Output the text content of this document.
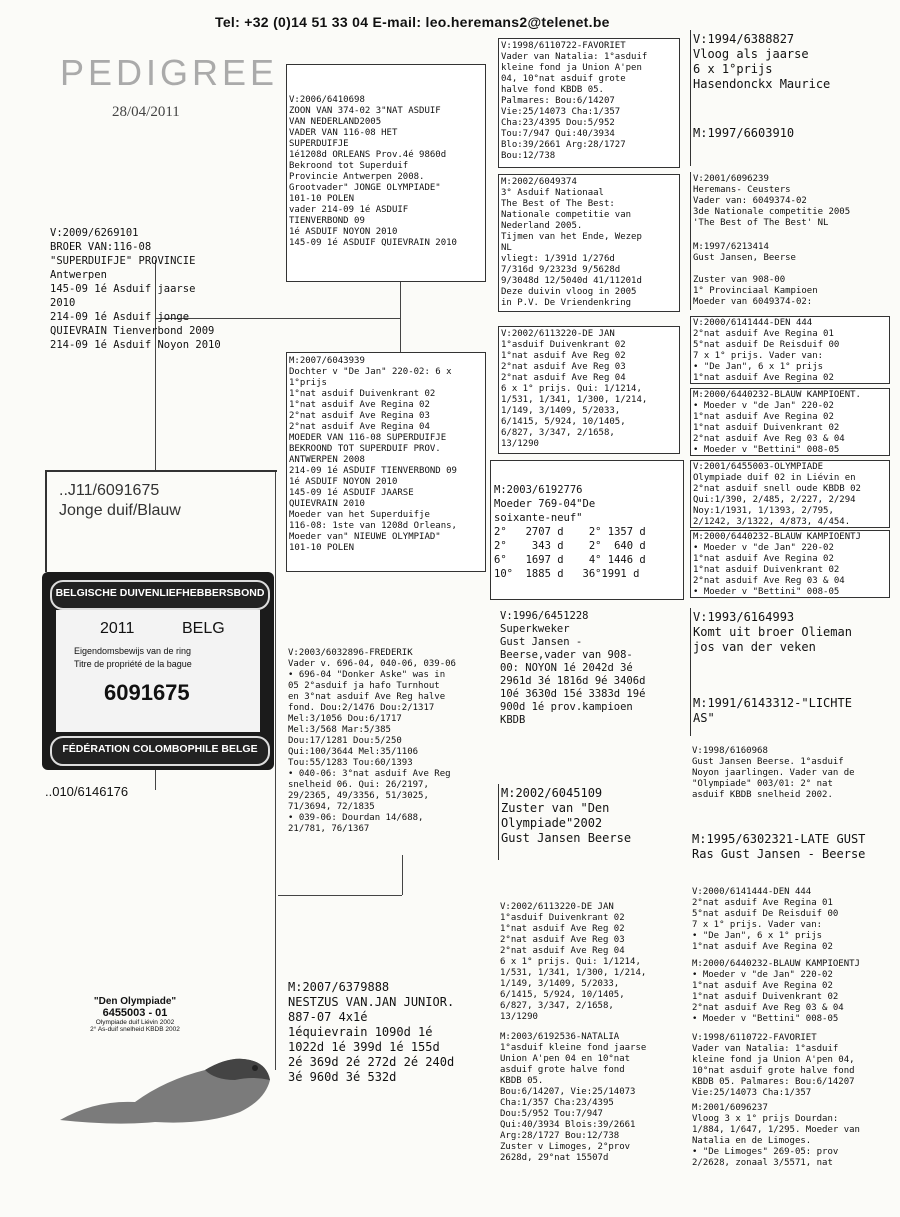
Tel: +32 (0)14 51 33 04 E-mail: leo.heremans2@telenet.be
PEDIGREE
28/04/2011
..J11/6091675
Jonge duif/Blauw
BELGISCHE DUIVENLIEFHEBBERSBOND
2011	BELG
Eigendomsbewijs van de ring
Titre de propriété de la bague
6091675
FÉDÉRATION COLOMBOPHILE BELGE
..010/6146176
"Den Olympiade"
6455003 - 01
Olympiade duif Liévin 2002
2° As-duif snelheid KBDB 2002
V:2009/6269101
BROER VAN:116-08
"SUPERDUIFJE" PROVINCIE
Antwerpen
145-09 1é Asduif jaarse
2010
214-09 1é Asduif jonge
QUIEVRAIN Tienverbond 2009
214-09 1é Asduif Noyon 2010
V:2006/6410698
ZOON VAN 374-02 3"NAT ASDUIF
VAN NEDERLAND2005
VADER VAN 116-08 HET
SUPERDUIFJE
1é1208d ORLEANS Prov.4é 9860d
Bekroond tot Superduif
Provincie Antwerpen 2008.
Grootvader" JONGE OLYMPIADE"
101-10 POLEN
vader 214-09 1é ASDUIF
TIENVERBOND 09
1é ASDUIF NOYON 2010
145-09 1é ASDUIF QUIEVRAIN 2010
M:2007/6043939
Dochter v "De Jan" 220-02: 6 x
1°prijs
1°nat asduif Duivenkrant 02
1°nat asduif Ave Regina 02
2°nat asduif Ave Regina 03
2°nat asduif Ave Regina 04
MOEDER VAN 116-08 SUPERDUIFJE
BEKROOND TOT SUPERDUIF PROV.
ANTWERPEN 2008
214-09 1é ASDUIF TIENVERBOND 09
1é ASDUIF NOYON 2010
145-09 1é ASDUIF JAARSE
QUIEVRAIN 2010
Moeder van het Superduifje
116-08: 1ste van 1208d Orleans,
Moeder van" NIEUWE OLYMPIAD"
101-10 POLEN
V:1998/6110722-FAVORIET
Vader van Natalia: 1°asduif
kleine fond ja Union A'pen
04, 10°nat asduif grote
halve fond KBDB 05.
Palmares: Bou:6/14207
Vie:25/14073 Cha:1/357
Cha:23/4395 Dou:5/952
Tou:7/947 Qui:40/3934
Blo:39/2661 Arg:28/1727
Bou:12/738
M:2002/6049374
3° Asduif Nationaal
The Best of The Best:
Nationale competitie van
Nederland 2005.
Tijmen van het Ende, Wezep
NL
vliegt: 1/391d 1/276d
7/316d 9/2323d 9/5628d
9/3048d 12/5040d 41/11201d
Deze duivin vloog in 2005
in P.V. De Vriendenkring
V:2002/6113220-DE JAN
1°asduif Duivenkrant 02
1°nat asduif Ave Reg 02
2°nat asduif Ave Reg 03
2°nat asduif Ave Reg 04
6 x 1° prijs. Qui: 1/1214,
1/531, 1/341, 1/300, 1/214,
1/149, 3/1409, 5/2033,
6/1415, 5/924, 10/1405,
6/827, 3/347, 2/1658,
13/1290
M:2003/6192776
Moeder 769-04"De
soixante-neuf"
2°   2707 d    2° 1357 d
2°    343 d    2°  640 d
6°   1697 d    4° 1446 d
10°  1885 d   36°1991 d
V:1994/6388827
Vloog als jaarse
6 x 1°prijs
Hasendonckx Maurice
M:1997/6603910
V:2001/6096239
Heremans- Ceusters
Vader van: 6049374-02
3de Nationale competitie 2005
'The Best of The Best' NL
M:1997/6213414
Gust Jansen, Beerse

Zuster van 908-00
1° Provinciaal Kampioen
Moeder van 6049374-02:
V:2000/6141444-DEN 444
2°nat asduif Ave Regina 01
5°nat asduif De Reisduif 00
7 x 1° prijs. Vader van:
• "De Jan", 6 x 1° prijs
1°nat asduif Ave Regina 02
M:2000/6440232-BLAUW KAMPIOENT.
• Moeder v "de Jan" 220-02
1°nat asduif Ave Regina 02
1°nat asduif Duivenkrant 02
2°nat asduif Ave Reg 03 & 04
• Moeder v "Bettini" 008-05
V:2001/6455003-OLYMPIADE
Olympiade duif 02 in Liévin en
2°nat asduif snell oude KBDB 02
Qui:1/390, 2/485, 2/227, 2/294
Noy:1/1931, 1/1393, 2/795,
2/1242, 3/1322, 4/873, 4/454.
M:2000/6440232-BLAUW KAMPIOENTJ
• Moeder v "de Jan" 220-02
1°nat asduif Ave Regina 02
1°nat asduif Duivenkrant 02
2°nat asduif Ave Reg 03 & 04
• Moeder v "Bettini" 008-05
V:2003/6032896-FREDERIK
Vader v. 696-04, 040-06, 039-06
• 696-04 "Donker Aske" was in
05 2°asduif ja hafo Turnhout
en 3°nat asduif Ave Reg halve
fond. Dou:2/1476 Dou:2/1317
Mel:3/1056 Dou:6/1717
Mel:3/568 Mar:5/385
Dou:17/1281 Dou:5/250
Qui:100/3644 Mel:35/1106
Tou:55/1283 Tou:60/1393
• 040-06: 3°nat asduif Ave Reg
snelheid 06. Qui: 26/2197,
29/2365, 49/3356, 51/3025,
71/3694, 72/1835
• 039-06: Dourdan 14/688,
21/781, 76/1367
M:2007/6379888
NESTZUS VAN.JAN JUNIOR.
887-07 4x1é
1équievrain 1090d 1é
1022d 1é 399d 1é 155d
2é 369d 2é 272d 2é 240d
3é 960d 3é 532d
V:1996/6451228
Superkweker
Gust Jansen -
Beerse,vader van 908-
00: NOYON 1é 2042d 3é
2961d 3é 1816d 9é 3406d
10é 3630d 15é 3383d 19é
900d 1é prov.kampioen
KBDB
M:2002/6045109
Zuster van "Den
Olympiade"2002
Gust Jansen Beerse
V:1993/6164993
Komt uit broer Olieman
jos van der veken
M:1991/6143312-"LICHTE
AS"
V:1998/6160968
Gust Jansen Beerse. 1°asduif
Noyon jaarlingen. Vader van de
"Olympiade" 003/01: 2° nat
asduif KBDB snelheid 2002.
M:1995/6302321-LATE GUST
Ras Gust Jansen - Beerse
V:2002/6113220-DE JAN
1°asduif Duivenkrant 02
1°nat asduif Ave Reg 02
2°nat asduif Ave Reg 03
2°nat asduif Ave Reg 04
6 x 1° prijs. Qui: 1/1214,
1/531, 1/341, 1/300, 1/214,
1/149, 3/1409, 5/2033,
6/1415, 5/924, 10/1405,
6/827, 3/347, 2/1658,
13/1290
M:2003/6192536-NATALIA
1°asduif kleine fond jaarse
Union A'pen 04 en 10°nat
asduif grote halve fond
KBDB 05.
Bou:6/14207, Vie:25/14073
Cha:1/357 Cha:23/4395
Dou:5/952 Tou:7/947
Qui:40/3934 Blois:39/2661
Arg:28/1727 Bou:12/738
Zuster v Limoges, 2°prov
2628d, 29°nat 15507d
V:2000/6141444-DEN 444
2°nat asduif Ave Regina 01
5°nat asduif De Reisduif 00
7 x 1° prijs. Vader van:
• "De Jan", 6 x 1° prijs
1°nat asduif Ave Regina 02
M:2000/6440232-BLAUW KAMPIOENTJ
• Moeder v "de Jan" 220-02
1°nat asduif Ave Regina 02
1°nat asduif Duivenkrant 02
2°nat asduif Ave Reg 03 & 04
• Moeder v "Bettini" 008-05
V:1998/6110722-FAVORIET
Vader van Natalia: 1°asduif
kleine fond ja Union A'pen 04,
10°nat asduif grote halve fond
KBDB 05. Palmares: Bou:6/14207
Vie:25/14073 Cha:1/357
M:2001/6096237
Vloog 3 x 1° prijs Dourdan:
1/884, 1/647, 1/295. Moeder van
Natalia en de Limoges.
• "De Limoges" 269-05: prov
2/2628, zonaal 3/5571, nat
